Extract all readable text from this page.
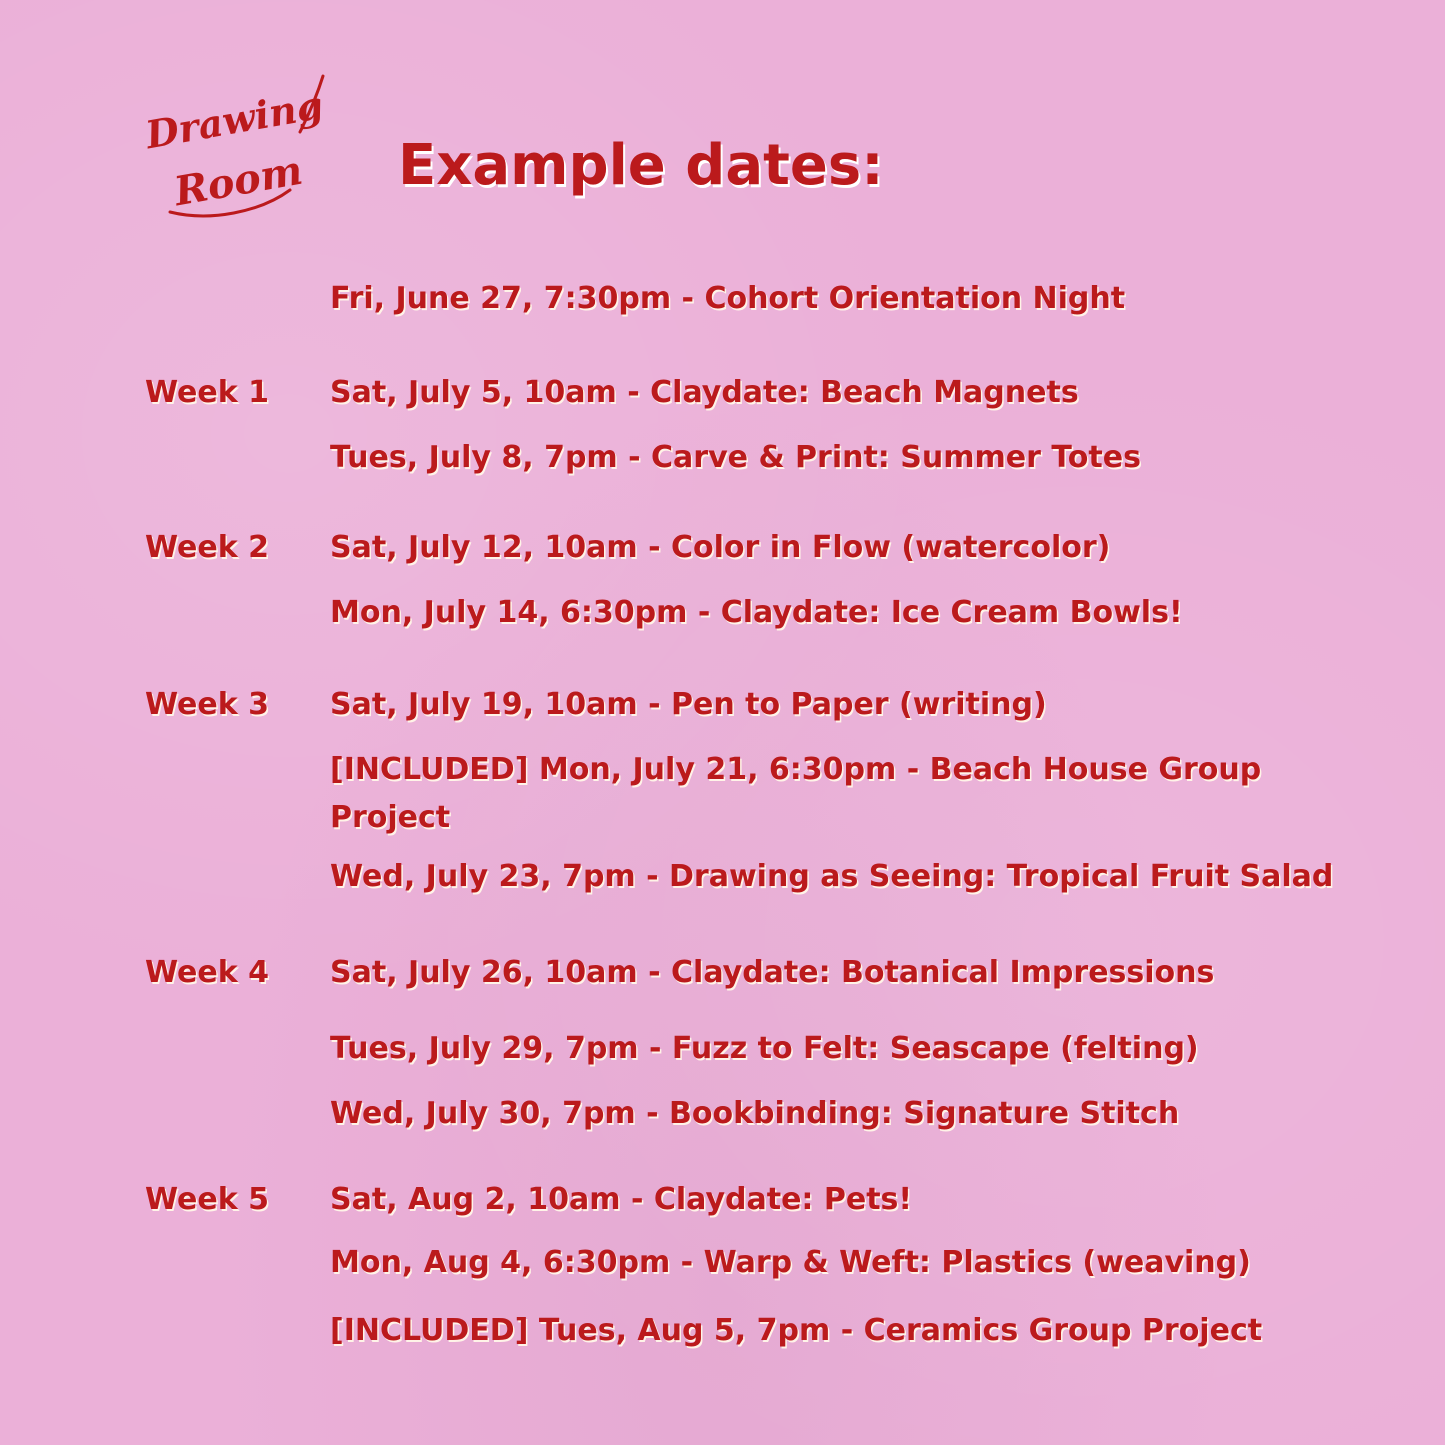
Drawing
Room Example dates:
Fri, June 27, 7:30pm - Cohort Orientation Night
Week 1 Sat, July 5, 10am - Claydate: Beach Magnets
Tues, July 8, 7pm - Carve & Print: Summer Totes
Week 2 Sat, July 12, 10am - Color in Flow (watercolor)
Mon, July 14, 6:30pm - Claydate: Ice Cream Bowls!
Week 3 Sat, July 19, 10am - Pen to Paper (writing)
[INCLUDED] Mon, July 21, 6:30pm - Beach House Group Project
Wed, July 23, 7pm - Drawing as Seeing: Tropical Fruit Salad
Week 4 Sat, July 26, 10am - Claydate: Botanical Impressions
Tues, July 29, 7pm - Fuzz to Felt: Seascape (felting)
Wed, July 30, 7pm - Bookbinding: Signature Stitch
Week 5 Sat, Aug 2, 10am - Claydate: Pets!
Mon, Aug 4, 6:30pm - Warp & Weft: Plastics (weaving)
[INCLUDED] Tues, Aug 5, 7pm - Ceramics Group Project
